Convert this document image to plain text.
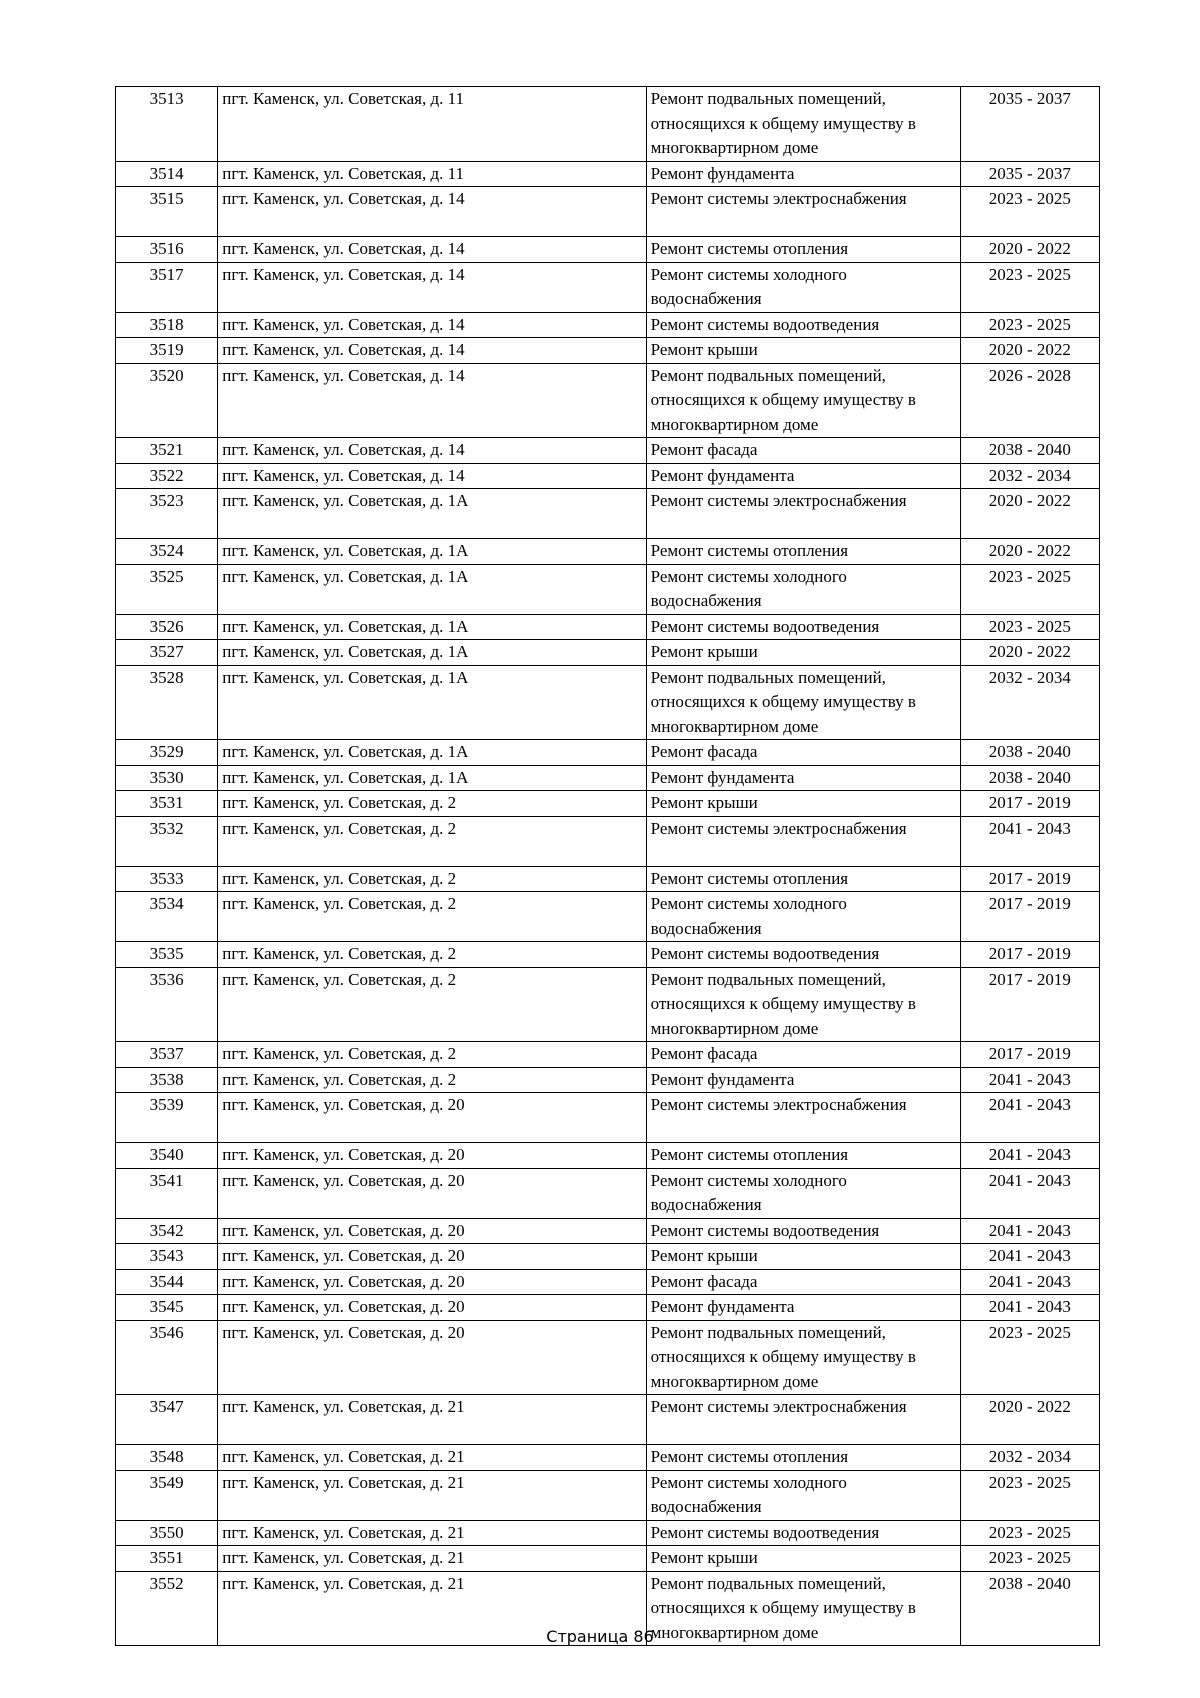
3513	пгт. Каменск, ул. Советская, д. 11	Ремонт подвальных помещений, относящихся к общему имуществу в многоквартирном доме	2035 - 2037
3514	пгт. Каменск, ул. Советская, д. 11	Ремонт фундамента	2035 - 2037
3515	пгт. Каменск, ул. Советская, д. 14	Ремонт системы электроснабжения	2023 - 2025
3516	пгт. Каменск, ул. Советская, д. 14	Ремонт системы отопления	2020 - 2022
3517	пгт. Каменск, ул. Советская, д. 14	Ремонт системы холодного водоснабжения	2023 - 2025
3518	пгт. Каменск, ул. Советская, д. 14	Ремонт системы водоотведения	2023 - 2025
3519	пгт. Каменск, ул. Советская, д. 14	Ремонт крыши	2020 - 2022
3520	пгт. Каменск, ул. Советская, д. 14	Ремонт подвальных помещений, относящихся к общему имуществу в многоквартирном доме	2026 - 2028
3521	пгт. Каменск, ул. Советская, д. 14	Ремонт фасада	2038 - 2040
3522	пгт. Каменск, ул. Советская, д. 14	Ремонт фундамента	2032 - 2034
3523	пгт. Каменск, ул. Советская, д. 1А	Ремонт системы электроснабжения	2020 - 2022
3524	пгт. Каменск, ул. Советская, д. 1А	Ремонт системы отопления	2020 - 2022
3525	пгт. Каменск, ул. Советская, д. 1А	Ремонт системы холодного водоснабжения	2023 - 2025
3526	пгт. Каменск, ул. Советская, д. 1А	Ремонт системы водоотведения	2023 - 2025
3527	пгт. Каменск, ул. Советская, д. 1А	Ремонт крыши	2020 - 2022
3528	пгт. Каменск, ул. Советская, д. 1А	Ремонт подвальных помещений, относящихся к общему имуществу в многоквартирном доме	2032 - 2034
3529	пгт. Каменск, ул. Советская, д. 1А	Ремонт фасада	2038 - 2040
3530	пгт. Каменск, ул. Советская, д. 1А	Ремонт фундамента	2038 - 2040
3531	пгт. Каменск, ул. Советская, д. 2	Ремонт крыши	2017 - 2019
3532	пгт. Каменск, ул. Советская, д. 2	Ремонт системы электроснабжения	2041 - 2043
3533	пгт. Каменск, ул. Советская, д. 2	Ремонт системы отопления	2017 - 2019
3534	пгт. Каменск, ул. Советская, д. 2	Ремонт системы холодного водоснабжения	2017 - 2019
3535	пгт. Каменск, ул. Советская, д. 2	Ремонт системы водоотведения	2017 - 2019
3536	пгт. Каменск, ул. Советская, д. 2	Ремонт подвальных помещений, относящихся к общему имуществу в многоквартирном доме	2017 - 2019
3537	пгт. Каменск, ул. Советская, д. 2	Ремонт фасада	2017 - 2019
3538	пгт. Каменск, ул. Советская, д. 2	Ремонт фундамента	2041 - 2043
3539	пгт. Каменск, ул. Советская, д. 20	Ремонт системы электроснабжения	2041 - 2043
3540	пгт. Каменск, ул. Советская, д. 20	Ремонт системы отопления	2041 - 2043
3541	пгт. Каменск, ул. Советская, д. 20	Ремонт системы холодного водоснабжения	2041 - 2043
3542	пгт. Каменск, ул. Советская, д. 20	Ремонт системы водоотведения	2041 - 2043
3543	пгт. Каменск, ул. Советская, д. 20	Ремонт крыши	2041 - 2043
3544	пгт. Каменск, ул. Советская, д. 20	Ремонт фасада	2041 - 2043
3545	пгт. Каменск, ул. Советская, д. 20	Ремонт фундамента	2041 - 2043
3546	пгт. Каменск, ул. Советская, д. 20	Ремонт подвальных помещений, относящихся к общему имуществу в многоквартирном доме	2023 - 2025
3547	пгт. Каменск, ул. Советская, д. 21	Ремонт системы электроснабжения	2020 - 2022
3548	пгт. Каменск, ул. Советская, д. 21	Ремонт системы отопления	2032 - 2034
3549	пгт. Каменск, ул. Советская, д. 21	Ремонт системы холодного водоснабжения	2023 - 2025
3550	пгт. Каменск, ул. Советская, д. 21	Ремонт системы водоотведения	2023 - 2025
3551	пгт. Каменск, ул. Советская, д. 21	Ремонт крыши	2023 - 2025
3552	пгт. Каменск, ул. Советская, д. 21	Ремонт подвальных помещений, относящихся к общему имуществу в многоквартирном доме	2038 - 2040
Страница 86
